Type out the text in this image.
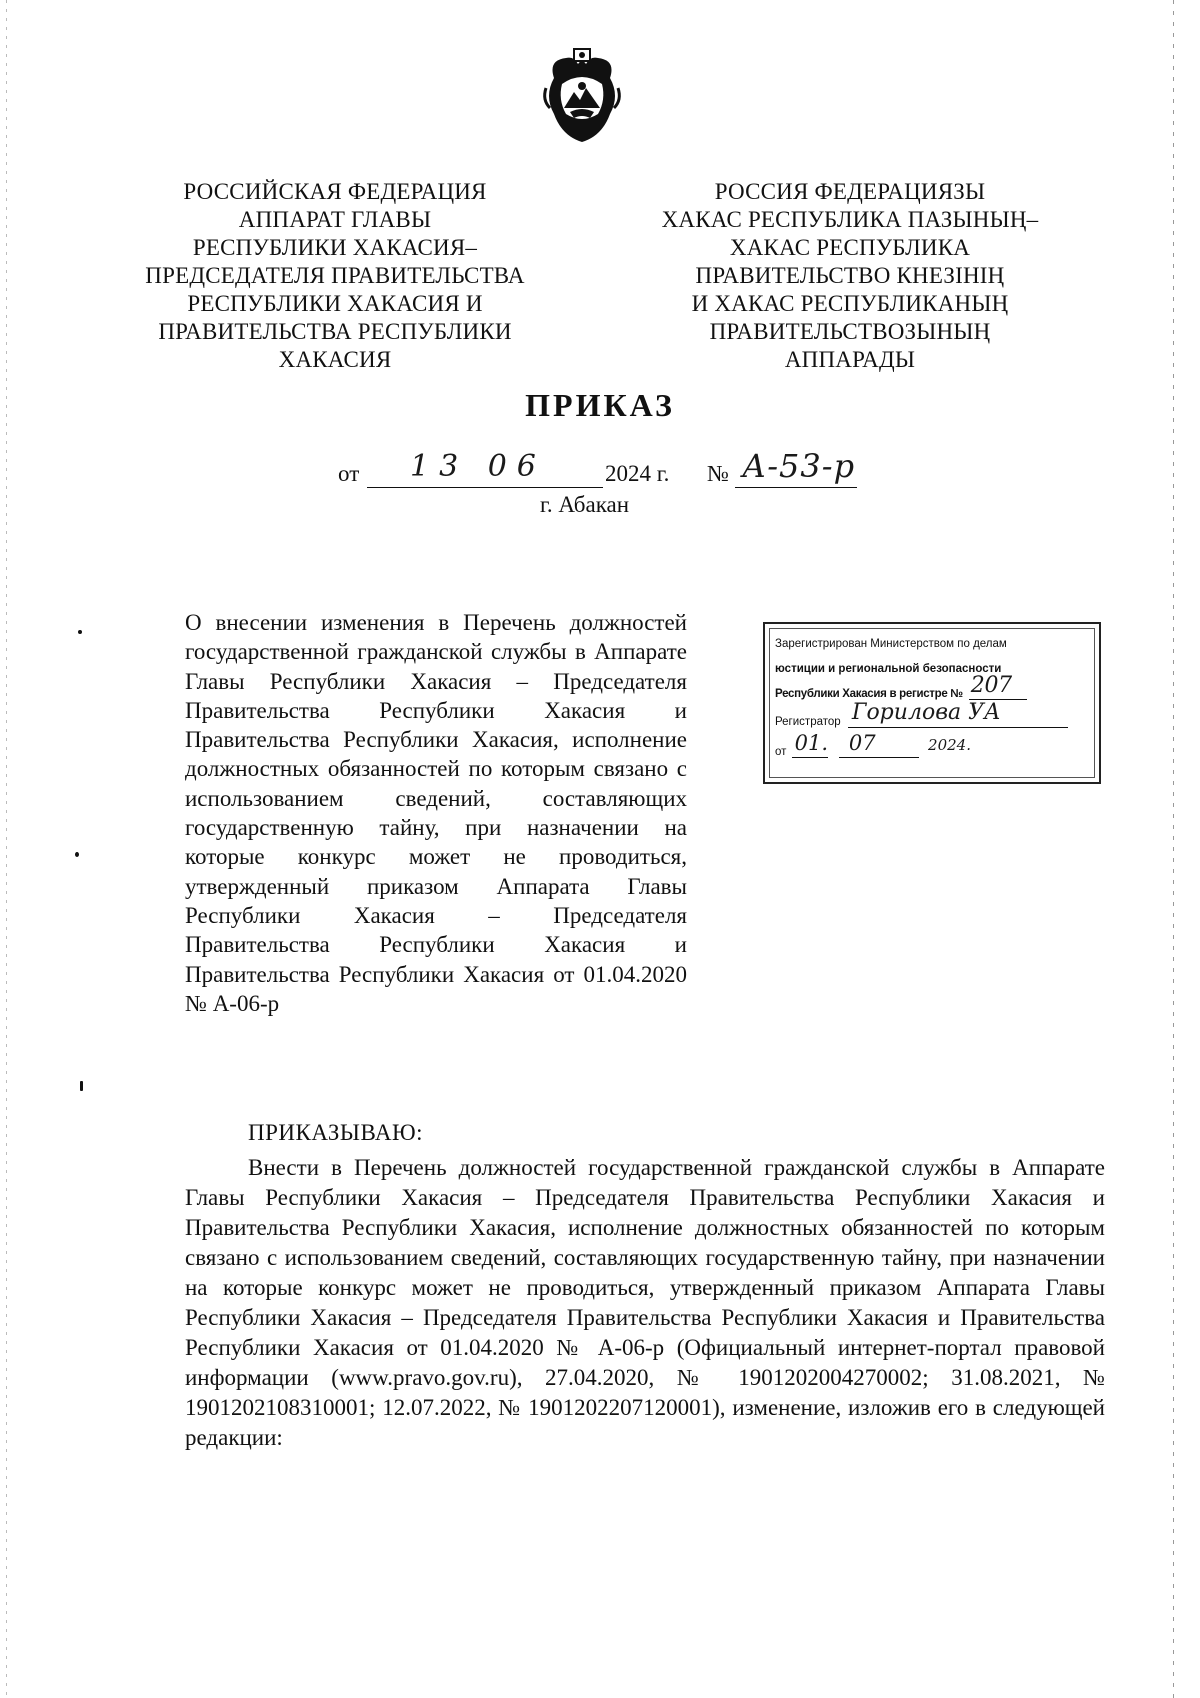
РОССИЙСКАЯ ФЕДЕРАЦИЯ
АППАРАТ ГЛАВЫ
РЕСПУБЛИКИ ХАКАСИЯ–
ПРЕДСЕДАТЕЛЯ ПРАВИТЕЛЬСТВА
РЕСПУБЛИКИ ХАКАСИЯ И
ПРАВИТЕЛЬСТВА РЕСПУБЛИКИ
ХАКАСИЯ
РОССИЯ ФЕДЕРАЦИЯЗЫ
ХАКАС РЕСПУБЛИКА ПАЗЫНЫҢ–
ХАКАС РЕСПУБЛИКА
ПРАВИТЕЛЬСТВО КНЕЗІНІҢ
И ХАКАС РЕСПУБЛИКАНЫҢ
ПРАВИТЕЛЬСТВОЗЫНЫҢ
АППАРАДЫ
ПРИКАЗ
от 13 06	2024 г. № А-53-р
г. Абакан
О внесении изменения в Перечень должностей государственной гражданской службы в Аппарате Главы Республики Хакасия – Председателя Правительства Республики Хакасия и Правительства Республики Хакасия, исполнение должностных обязанностей по которым связано с использованием сведений, составляющих государственную тайну, при назначении на которые конкурс может не проводиться, утвержденный приказом Аппарата Главы Республики Хакасия – Председателя Правительства Республики Хакасия и Правительства Республики Хакасия от 01.04.2020 № А-06-р
Зарегистрирован Министерством по делам
юстиции и региональной безопасности
Республики Хакасия в регистре № 207
Регистратор Горилова УА
от 01.
07
	2024.
ПРИКАЗЫВАЮ:
Внести в Перечень должностей государственной гражданской службы в Аппарате Главы Республики Хакасия – Председателя Правительства Республики Хакасия и Правительства Республики Хакасия, исполнение должностных обязанностей по которым связано с использованием сведений, составляющих государственную тайну, при назначении на которые конкурс может не проводиться, утвержденный приказом Аппарата Главы Республики Хакасия – Председателя Правительства Республики Хакасия и Правительства Республики Хакасия от 01.04.2020 № А-06-р (Официальный интернет-портал правовой информации (www.pravo.gov.ru), 27.04.2020, № 1901202004270002; 31.08.2021, № 1901202108310001; 12.07.2022, № 1901202207120001), изменение, изложив его в следующей редакции:
